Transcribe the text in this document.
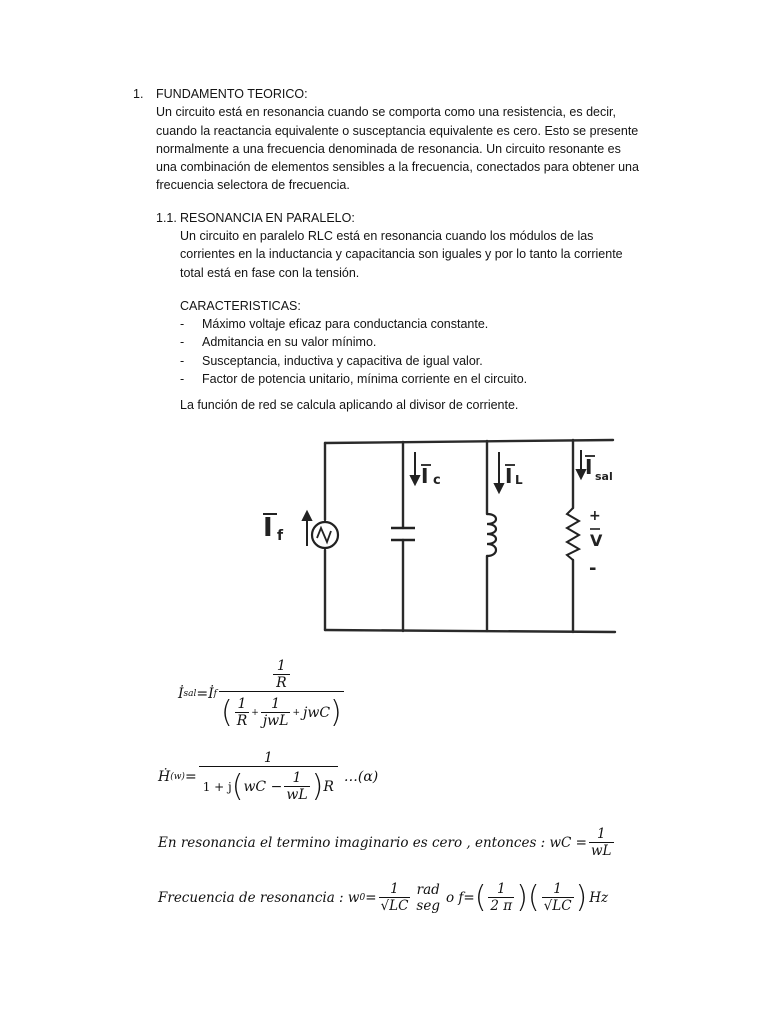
1. FUNDAMENTO TEORICO:
Un circuito está en resonancia cuando se comporta como una resistencia, es decir,
cuando la reactancia equivalente o susceptancia equivalente es cero. Esto se presente
normalmente a una frecuencia denominada de resonancia. Un circuito resonante es
una combinación de elementos sensibles a la frecuencia, conectados para obtener una
frecuencia selectora de frecuencia.
1.1. RESONANCIA EN PARALELO:
Un circuito en paralelo RLC está en resonancia cuando los módulos de las
corrientes en la inductancia y capacitancia son iguales y por lo tanto la corriente
total está en fase con la tensión.
CARACTERISTICAS:
- Máximo voltaje eficaz para conductancia constante.
- Admitancia en su valor mínimo.
- Susceptancia, inductiva y capacitiva de igual valor.
- Factor de potencia unitario, mínima corriente en el circuito.
La función de red se calcula aplicando al divisor de corriente.
I f
I c	I L
I sal
+
V
-
İ sal = İ f
1
R
( $\frac{1}{R} + \frac{1}{\text{jwL}}$ + jwC )
Ḣ $(w) = \frac{1}{1 + j ( wC - \frac{1}{wL} ) R}$ …(α)
En resonancia el termino imaginario es cero , entonces : wC = $\frac{1}{wL}$
Frecuencia de resonancia : w $0 = \frac{1}{√LC}$ rad
seg o f = ( $\frac{1}{2 \pi}$ ) ( $\frac{1}{√LC}$ ) Hz
